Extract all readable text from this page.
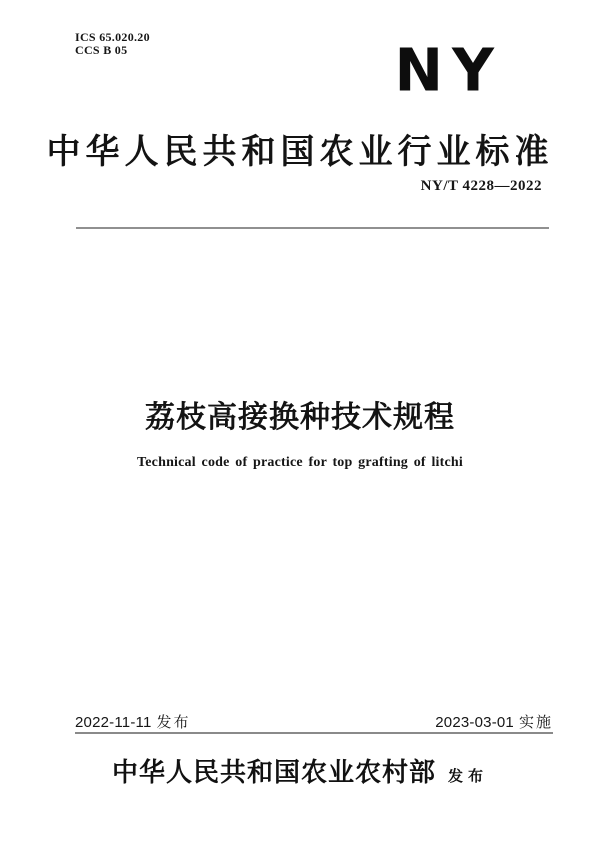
ICS 65.020.20
CCS B 05	NY
中华人民共和国农业行业标准
NY/T 4228—2022
荔枝高接换种技术规程
Technical code of practice for top grafting of litchi
2022-11-11 发布	2023-03-01 实施
中华人民共和国农业农村部 发布
